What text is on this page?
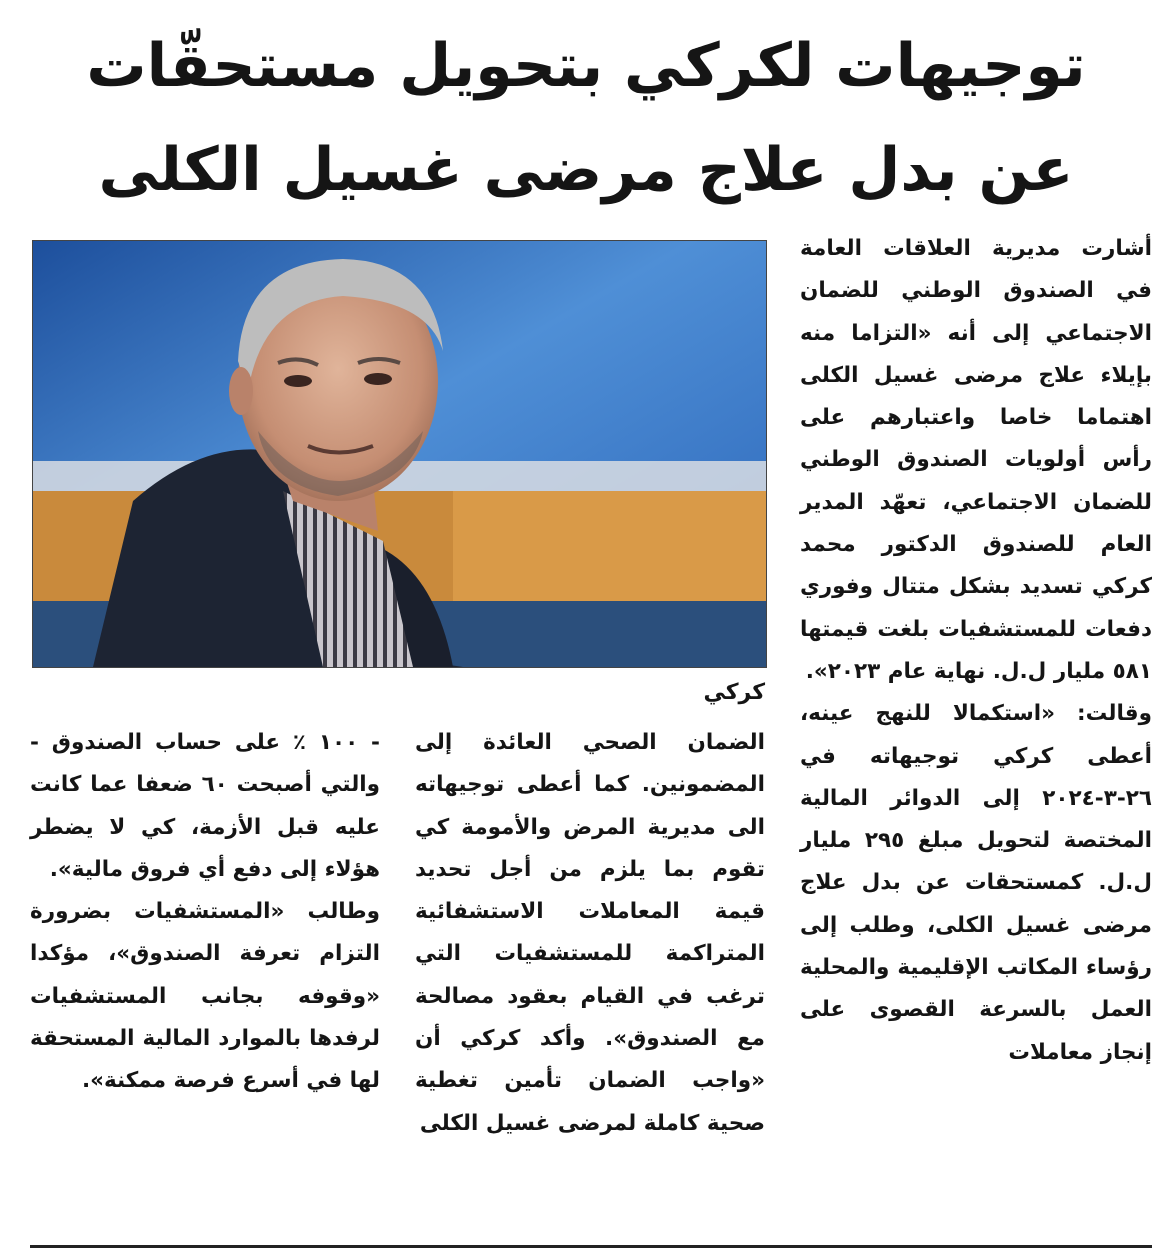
توجيهات لكركي بتحويل مستحقّات
عن بدل علاج مرضى غسيل الكلى
كركي

أشارت مديرية العلاقات العامة في الصندوق الوطني للضمان الاجتماعي إلى أنه «التزاما منه بإيلاء علاج مرضى غسيل الكلى اهتماما خاصا واعتبارهم على رأس أولويات الصندوق الوطني للضمان الاجتماعي، تعهّد المدير العام للصندوق الدكتور محمد كركي تسديد بشكل متتال وفوري دفعات للمستشفيات بلغت قيمتها ٥٨١ مليار ل.ل. نهاية عام ٢٠٢٣».

وقالت: «استكمالا للنهج عينه، أعطى كركي توجيهاته في ٢٦-٣-٢٠٢٤ إلى الدوائر المالية المختصة لتحويل مبلغ ٢٩٥ مليار ل.ل. كمستحقات عن بدل علاج مرضى غسيل الكلى، وطلب إلى رؤساء المكاتب الإقليمية والمحلية العمل بالسرعة القصوى على إنجاز معاملات

الضمان الصحي العائدة إلى المضمونين. كما أعطى توجيهاته الى مديرية المرض والأمومة كي تقوم بما يلزم من أجل تحديد قيمة المعاملات الاستشفائية المتراكمة للمستشفيات التي ترغب في القيام بعقود مصالحة مع الصندوق». وأكد كركي أن «واجب الضمان تأمين تغطية صحية كاملة لمرضى غسيل الكلى

- ١٠٠ ٪ على حساب الصندوق - والتي أصبحت ٦٠ ضعفا عما كانت عليه قبل الأزمة، كي لا يضطر هؤلاء إلى دفع أي فروق مالية».

وطالب «المستشفيات بضرورة التزام تعرفة الصندوق»، مؤكدا «وقوفه بجانب المستشفيات لرفدها بالموارد المالية المستحقة لها في أسرع فرصة ممكنة».
